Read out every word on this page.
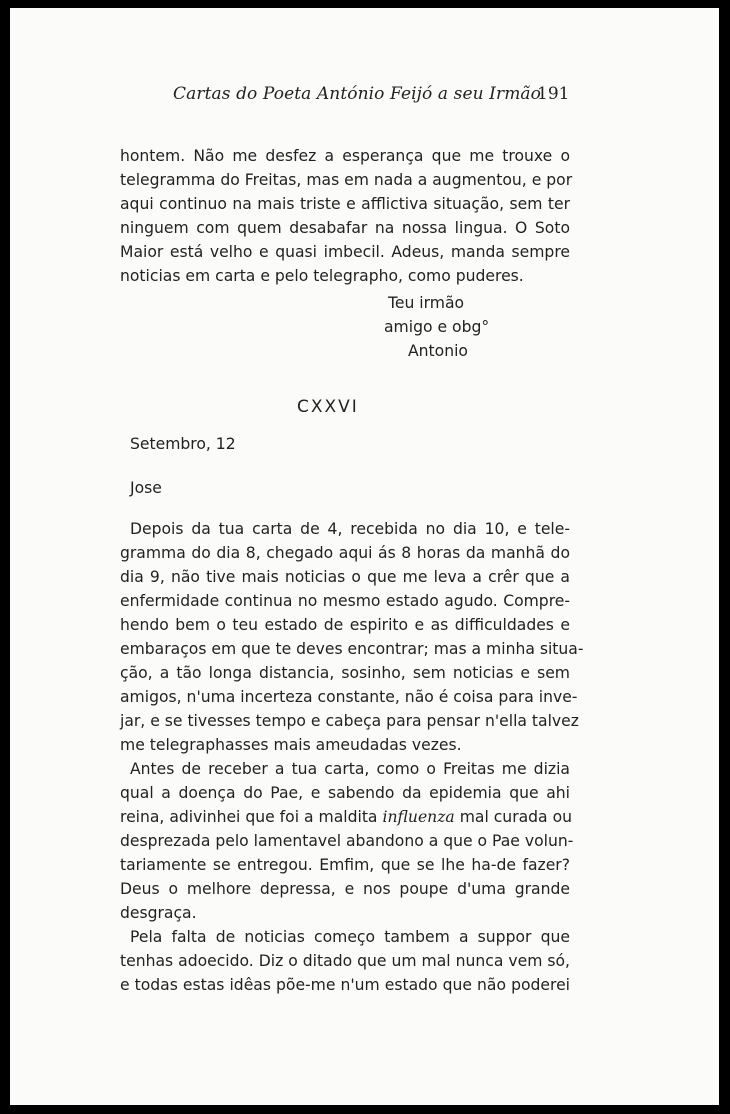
Cartas do Poeta António Feijó a seu Irmão
191

hontem. Não me desfez a esperança que me trouxe o

telegramma do Freitas, mas em nada a augmentou, e por

aqui continuo na mais triste e afflictiva situação, sem ter

ninguem com quem desabafar na nossa lingua. O Soto

Maior está velho e quasi imbecil. Adeus, manda sempre

noticias em carta e pelo telegrapho, como puderes.

Teu irmão
amigo e obg°
Antonio
CXXVI
Setembro, 12
Jose

Depois da tua carta de 4, recebida no dia 10, e tele-

gramma do dia 8, chegado aqui ás 8 horas da manhã do

dia 9, não tive mais noticias o que me leva a crêr que a

enfermidade continua no mesmo estado agudo. Compre-

hendo bem o teu estado de espirito e as difficuldades e

embaraços em que te deves encontrar; mas a minha situa-

ção, a tão longa distancia, sosinho, sem noticias e sem

amigos, n'uma incerteza constante, não é coisa para inve-

jar, e se tivesses tempo e cabeça para pensar n'ella talvez

me telegraphasses mais ameudadas vezes.

Antes de receber a tua carta, como o Freitas me dizia

qual a doença do Pae, e sabendo da epidemia que ahi

reina, adivinhei que foi a maldita influenza mal curada ou

desprezada pelo lamentavel abandono a que o Pae volun-

tariamente se entregou. Emfim, que se lhe ha-de fazer?

Deus o melhore depressa, e nos poupe d'uma grande

desgraça.

Pela falta de noticias começo tambem a suppor que

tenhas adoecido. Diz o ditado que um mal nunca vem só,

e todas estas idêas põe-me n'um estado que não poderei
